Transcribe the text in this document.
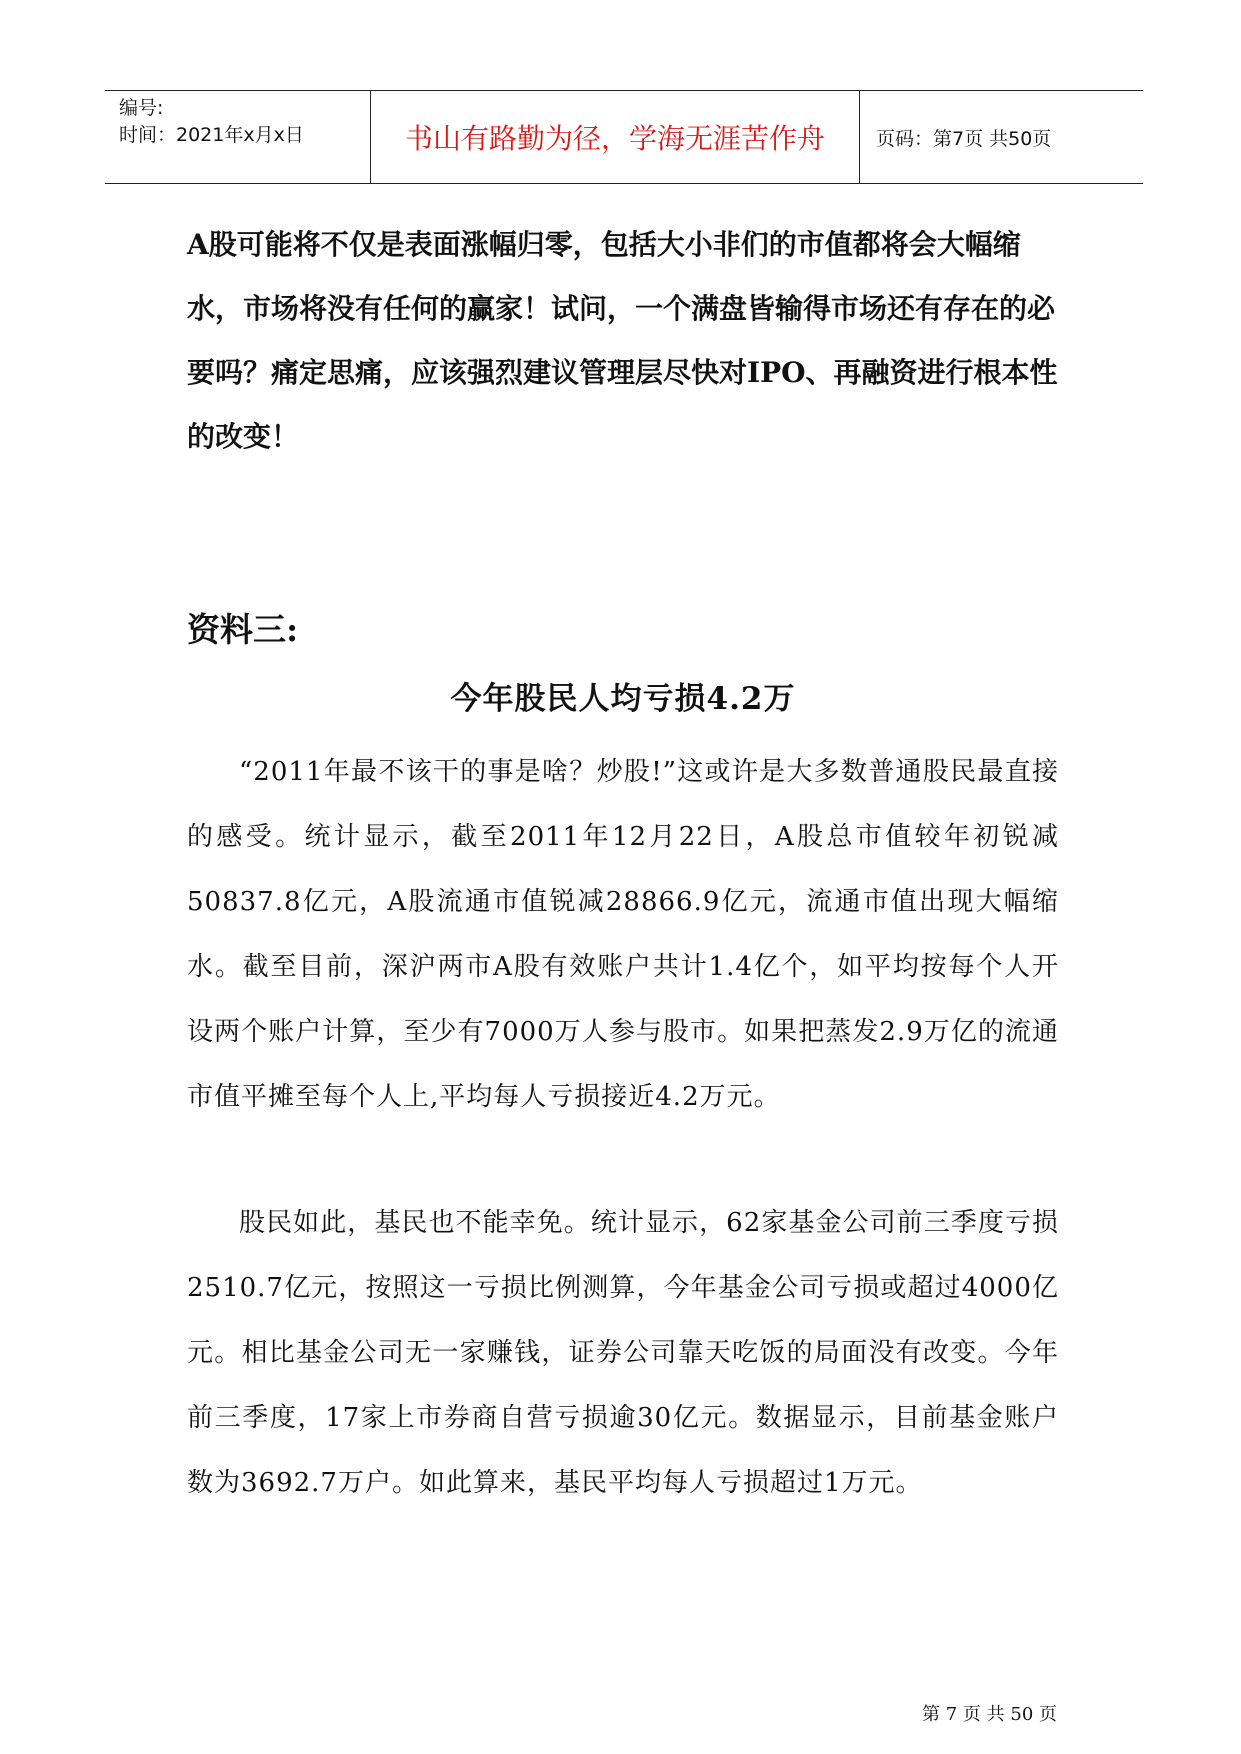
编号:
时间：2021年x月x日	书山有路勤为径，学海无涯苦作舟	页码：第7页 共50页

A股可能将不仅是表面涨幅归零，包括大小非们的市值都将会大幅缩水，市场将没有任何的赢家！试问，一个满盘皆输得市场还有存在的必要吗？痛定思痛，应该强烈建议管理层尽快对IPO、再融资进行根本性的改变！

资料三:
今年股民人均亏损4.2万

“2011年最不该干的事是啥？炒股!”这或许是大多数普通股民最直接的感受。统计显示，截至2011年12月22日，A股总市值较年初锐减50837.8亿元，A股流通市值锐减28866.9亿元，流通市值出现大幅缩水。截至目前，深沪两市A股有效账户共计1.4亿个，如平均按每个人开设两个账户计算，至少有7000万人参与股市。如果把蒸发2.9万亿的流通市值平摊至每个人上,平均每人亏损接近4.2万元。

股民如此，基民也不能幸免。统计显示，62家基金公司前三季度亏损2510.7亿元，按照这一亏损比例测算，今年基金公司亏损或超过4000亿元。相比基金公司无一家赚钱，证券公司靠天吃饭的局面没有改变。今年前三季度，17家上市券商自营亏损逾30亿元。数据显示，目前基金账户数为3692.7万户。如此算来，基民平均每人亏损超过1万元。

第 7 页 共 50 页
